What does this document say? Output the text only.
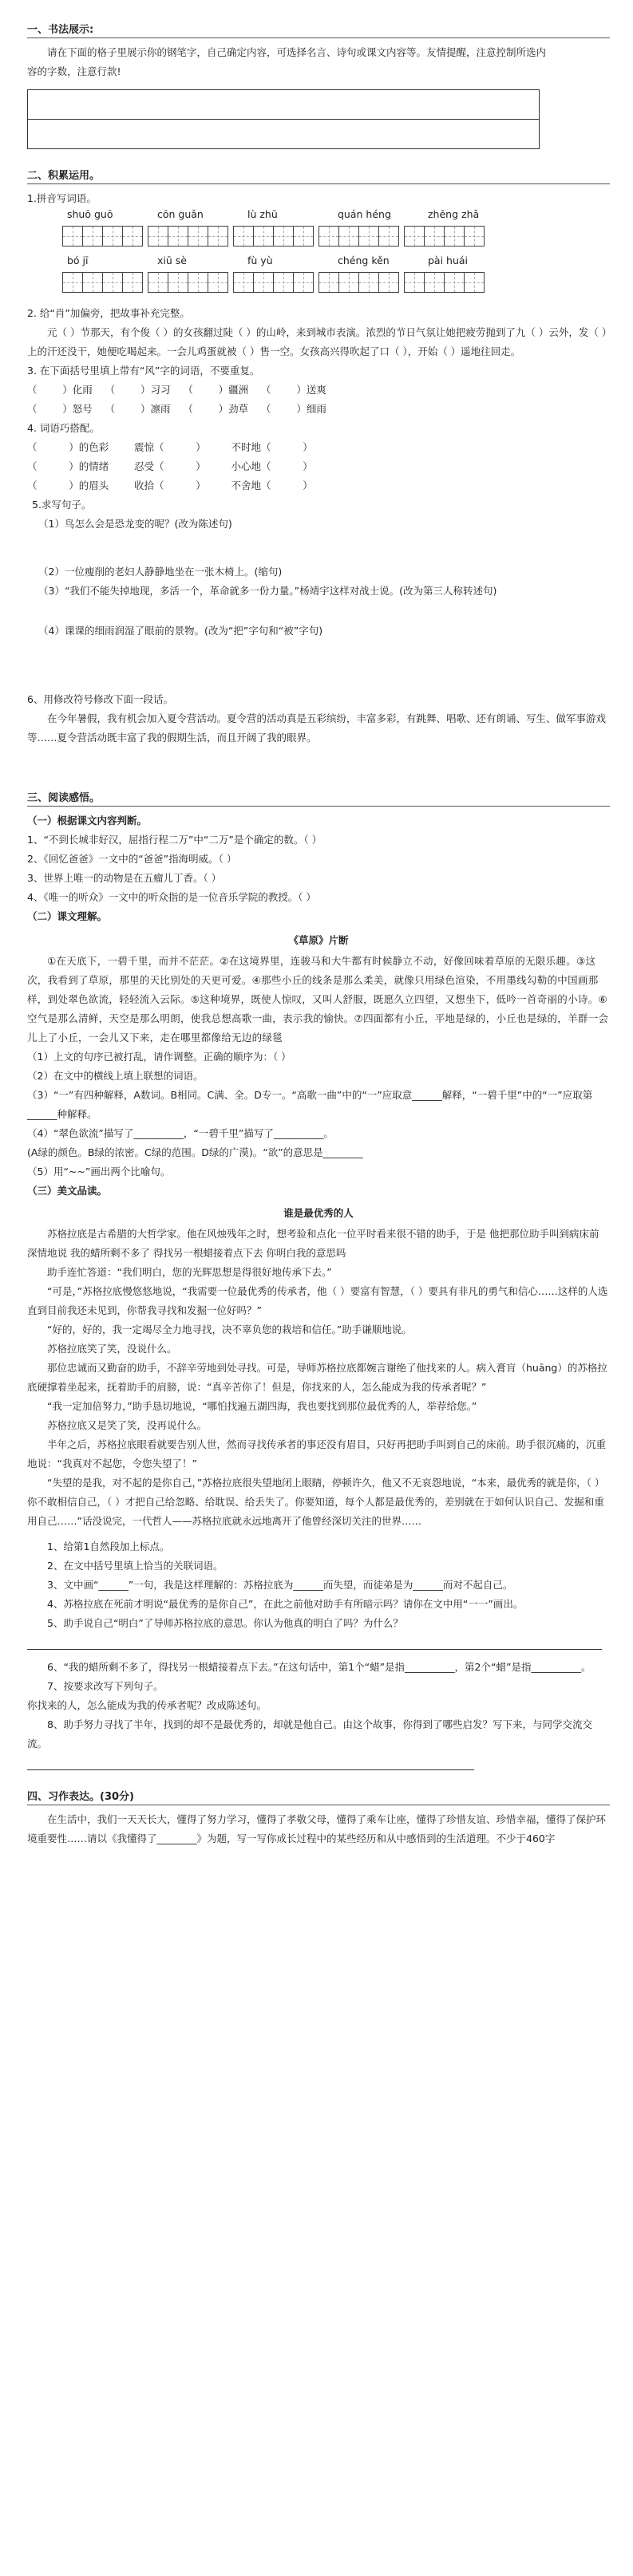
一、书法展示:

请在下面的格子里展示你的钢笔字，自己确定内容，可选择名言、诗句或课文内容等。友情提醒，注意控制所选内容的字数，注意行款!

二、积累运用。

1.拼音写词语。

shuō guō	cōn guǎn	lù zhū	quán héng	zhēng zhǎ
bó jī	xiū sè	fù yù	chéng kěn	pài huái

2. 给“肖”加偏旁，把故事补充完整。

元（ ）节那天，有个俊（ ）的女孩翻过陡（ ）的山岭，来到城市表演。浓烈的节日气氛让她把疲劳抛到了九（ ）云外，发（ ）上的汗还没干，她便吃喝起来。一会儿鸡蛋就被（ ）售一空。女孩高兴得吹起了口（ ），开始（ ）遥地往回走。

3. 在下面括号里填上带有“风”字的词语，不要重复。

（        ）化雨    （        ）习习    （        ）疆洲    （        ）送爽

（        ）怒号    （        ）凛雨    （        ）劲草    （        ）细雨

4. 词语巧搭配。

（          ）的色彩        震惊（          ）        不时地（          ）

（          ）的情绪        忍受（          ）        小心地（          ）

（          ）的眉头        收拾（          ）        不舍地（          ）

5.求写句子。

（1）鸟怎么会是恐龙变的呢？(改为陈述句)

（2）一位瘦削的老妇人静静地坐在一张木椅上。(缩句)

（3）“我们不能失掉地现，多活一个，革命就多一份力量。”杨靖宇这样对战士说。(改为第三人称转述句)

（4）课课的细雨润湿了眼前的景物。(改为“把”字句和“被”字句)

6、用修改符号修改下面一段话。

在今年暑假，我有机会加入夏令营活动。夏令营的活动真是五彩缤纷，丰富多彩，有跳舞、唱歌、还有朗诵、写生、做军事游戏等……夏令营活动既丰富了我的假期生活，而且开阔了我的眼界。

三、阅读感悟。

（一）根据课文内容判断。

1、“不到长城非好汉，屈指行程二万”中“二万”是个确定的数。（ ）

2、《回忆爸爸》一文中的“爸爸”指海明威。（ ）

3、世界上唯一的动物是在五瘤儿丁香。（ ）

4、《唯一的听众》一文中的听众指的是一位音乐学院的教授。（ ）

（二）课文理解。

《草原》片断

①在天底下，一碧千里，而并不茫茫。②在这境界里，连骏马和大牛都有时候静立不动，好像回味着草原的无限乐趣。③这次，我看到了草原，那里的天比别处的天更可爱。④那些小丘的线条是那么柔美，就像只用绿色渲染，不用墨线勾勒的中国画那样，到处翠色欲流，轻轻流入云际。⑤这种境界，既使人惊叹，又叫人舒服，既愿久立四望，又想坐下，低吟一首奇丽的小诗。⑥空气是那么清鲜，天空是那么明朗，使我总想高歌一曲，表示我的愉快。⑦四面都有小丘，平地是绿的，小丘也是绿的，羊群一会儿上了小丘，一会儿又下来，走在哪里都像给无边的绿毯

（1）上文的句序已被打乱，请作调整。正确的顺序为：（ ）

（2）在文中的横线上填上联想的词语。

（3）“一”有四种解释，A数词。B相同。C满、全。D专一。“高歌一曲”中的“一”应取意______解释，“一碧千里”中的“一”应取第______种解释。

（4）“翠色欲流”描写了__________，“一碧千里”描写了__________。

(A绿的颜色。B绿的浓密。C绿的范围。D绿的广漠)。“欲”的意思是________

（5）用“~~”画出两个比喻句。

（三）美文品读。

谁是最优秀的人

苏格拉底是古希腊的大哲学家。他在风烛残年之时，想考验和点化一位平时看来很不错的助手，于是 他把那位助手叫到病床前 深情地说 我的蜡所剩不多了 得找另一根蜡接着点下去 你明白我的意思吗

助手连忙答道：“我们明白，您的光辉思想是得很好地传承下去。”

“可是，”苏格拉底慢悠悠地说，“我需要一位最优秀的传承者，他（ ）要富有智慧，（ ）要具有非凡的勇气和信心……这样的人选直到目前我还未见到，你帮我寻找和发掘一位好吗？”

“好的，好的，我一定竭尽全力地寻找，决不辜负您的栽培和信任。”助手谦顺地说。

苏格拉底笑了笑，没说什么。

那位忠诚而又勤奋的助手，不辞辛劳地到处寻找。可是，导师苏格拉底都婉言谢绝了他找来的人。病入膏肓（huāng）的苏格拉底硬撑着坐起来，抚着助手的肩膀，说：“真辛苦你了！但是，你找来的人，怎么能成为我的传承者呢？”

“我一定加倍努力，”助手恳切地说，“哪怕找遍五湖四海，我也要找到那位最优秀的人，举荐给您。”

苏格拉底又是笑了笑，没再说什么。

半年之后，苏格拉底眼看就要告别人世，然而寻找传承者的事还没有眉目，只好再把助手叫到自己的床前。助手很沉痛的，沉重地说：“我真对不起您，令您失望了！”

“失望的是我，对不起的是你自己，”苏格拉底很失望地闭上眼睛，停顿许久，他又不无哀怨地说，“本来，最优秀的就是你，（ ）你不敢相信自己，（ ）才把自己给忽略、给耽误、给丢失了。你要知道，每个人都是最优秀的，差别就在于如何认识自己、发掘和重用自己……”话没说完，一代哲人——苏格拉底就永远地离开了他曾经深切关注的世界……

1、给第1自然段加上标点。

2、在文中括号里填上恰当的关联词语。

3、文中画“______”一句，我是这样理解的：苏格拉底为______而失望，而徒弟是为______而对不起自己。

4、苏格拉底在死前才明说“最优秀的是你自己”，在此之前他对助手有所暗示吗？请你在文中用“一一”画出。

5、助手说自己“明白”了导师苏格拉底的意思。你认为他真的明白了吗？为什么？

6、“我的蜡所剩不多了，得找另一根蜡接着点下去。”在这句话中，第1个“蜡”是指__________，第2个“蜡”是指__________。

7、按要求改写下列句子。

你找来的人，怎么能成为我的传承者呢？改成陈述句。

8、助手努力寻找了半年，找到的却不是最优秀的，却就是他自己。由这个故事，你得到了哪些启发？写下来，与同学交流交流。

四、习作表达。(30分)

在生活中，我们一天天长大，懂得了努力学习，懂得了孝敬父母，懂得了乘车让座，懂得了珍惜友谊、珍惜幸福，懂得了保护环境重要性……请以《我懂得了________》为题，写一写你成长过程中的某些经历和从中感悟到的生活道理。不少于460字
